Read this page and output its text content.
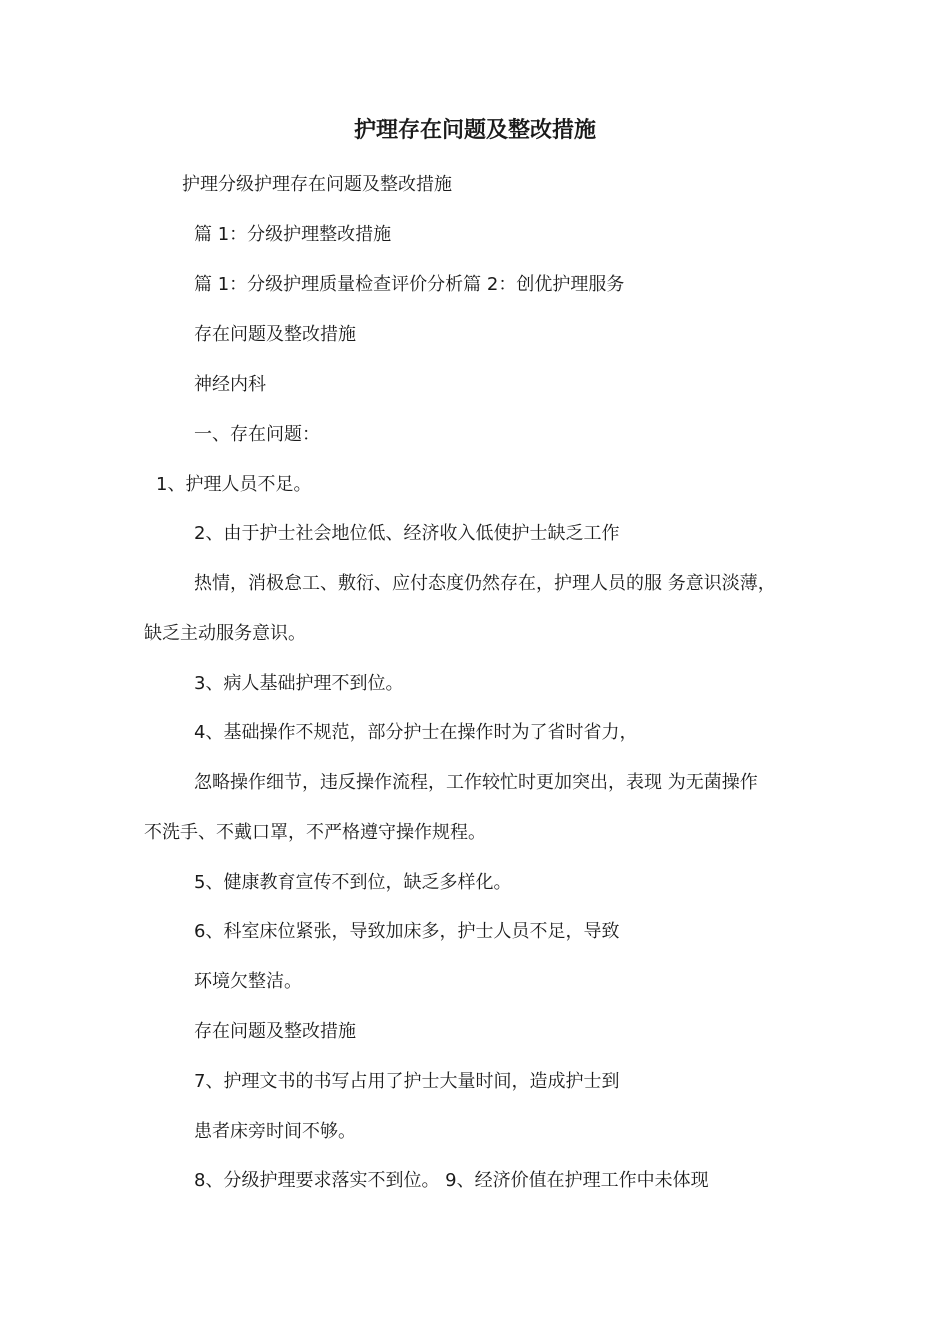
护理存在问题及整改措施
护理分级护理存在问题及整改措施
篇 1：分级护理整改措施
篇 1：分级护理质量检查评价分析篇 2：创优护理服务
存在问题及整改措施
神经内科
一、存在问题：
1、护理人员不足。
2、由于护士社会地位低、经济收入低使护士缺乏工作
热情，消极怠工、敷衍、应付态度仍然存在，护理人员的服 务意识淡薄，
缺乏主动服务意识。
3、病人基础护理不到位。
4、基础操作不规范，部分护士在操作时为了省时省力，
忽略操作细节，违反操作流程，工作较忙时更加突出，表现 为无菌操作
不洗手、不戴口罩，不严格遵守操作规程。
5、健康教育宣传不到位，缺乏多样化。
6、科室床位紧张，导致加床多，护士人员不足，导致
环境欠整洁。
存在问题及整改措施
7、护理文书的书写占用了护士大量时间，造成护士到
患者床旁时间不够。
8、分级护理要求落实不到位。 9、经济价值在护理工作中未体现
